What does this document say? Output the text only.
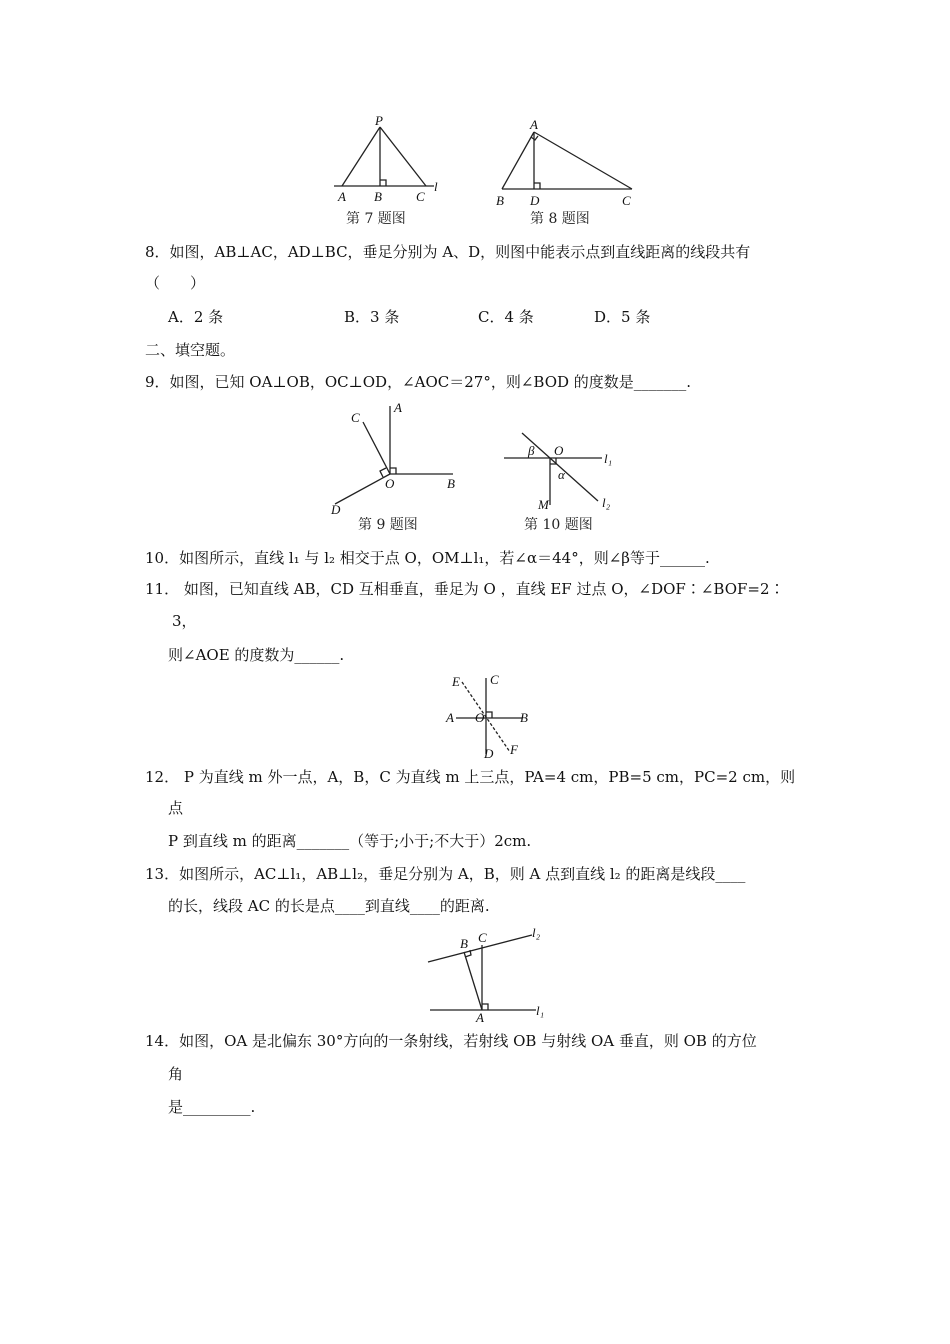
P
A B	C
l
第 7 题图
A
B D	C
第 8 题图
8．如图，AB⊥AC，AD⊥BC，垂足分别为 A、D，则图中能表示点到直线距离的线段共有
（　　）
A．2 条	B．3 条	C．4 条	D．5 条
二、填空题。
9．如图，已知 OA⊥OB，OC⊥OD，∠AOC＝27°，则∠BOD 的度数是_______.
C
A
O	B
D
第 9 题图
β O
l₁
α
M	l₂
第 10 题图
10．如图所示，直线 l₁ 与 l₂ 相交于点 O，OM⊥l₁，若∠α＝44°，则∠β等于______.
11． 如图，已知直线 AB，CD 互相垂直，垂足为 O ，直线 EF 过点 O，∠DOF∶∠BOF=2∶
3，
则∠AOE 的度数为______.
E C
A O	B
D F
12． P 为直线 m 外一点，A，B，C 为直线 m 上三点，PA=4 cm，PB=5 cm，PC=2 cm，则
点
P 到直线 m 的距离_______（等于;小于;不大于）2cm.
13．如图所示，AC⊥l₁，AB⊥l₂，垂足分别为 A，B，则 A 点到直线 l₂ 的距离是线段____
的长，线段 AC 的长是点____到直线____的距离.
B C	l₂
l₁
A
14．如图，OA 是北偏东 30°方向的一条射线，若射线 OB 与射线 OA 垂直，则 OB 的方位
角
是_________.
